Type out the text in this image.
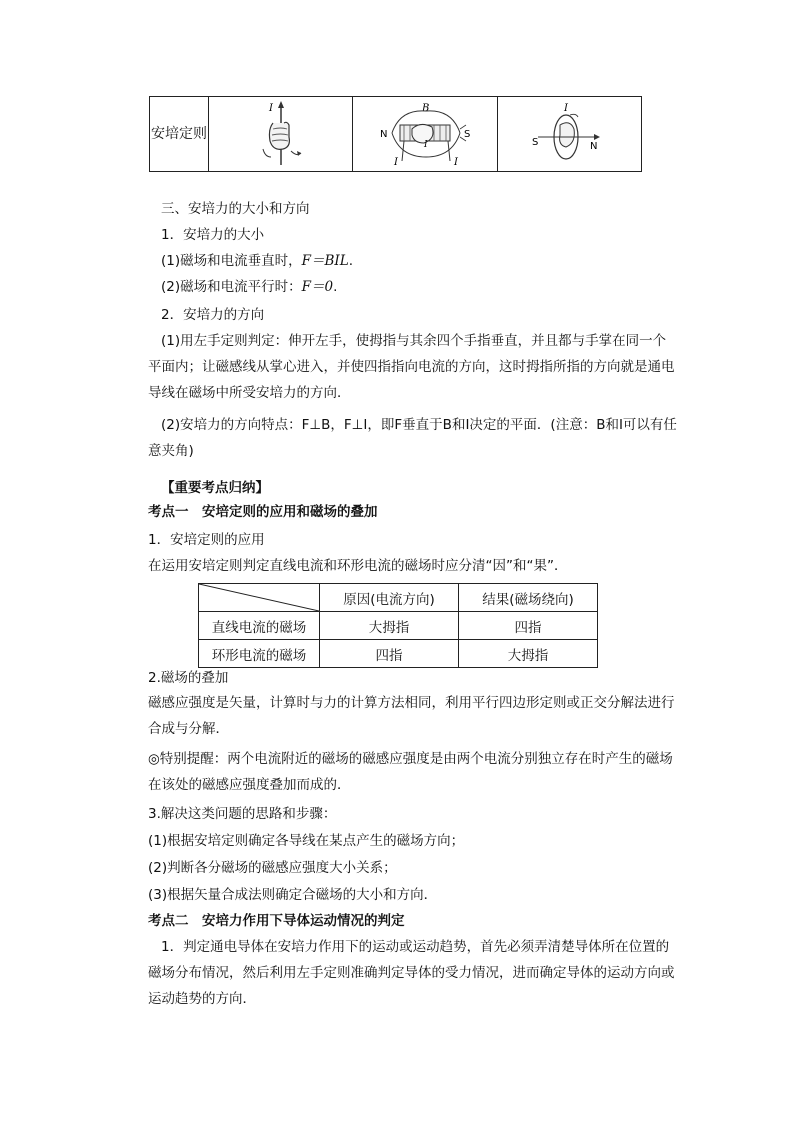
安培定则	
I	B
N	S
I
I	I

I
S	N
三、安培力的大小和方向
1．安培力的大小
(1)磁场和电流垂直时，F＝BIL.
(2)磁场和电流平行时：F＝0.
2．安培力的方向
(1)用左手定则判定：伸开左手，使拇指与其余四个手指垂直，并且都与手掌在同一个平面内；让磁感线从掌心进入，并使四指指向电流的方向，这时拇指所指的方向就是通电导线在磁场中所受安培力的方向．
(2)安培力的方向特点：F⊥B，F⊥I，即F垂直于B和I决定的平面．(注意：B和I可以有任意夹角)
【重要考点归纳】
考点一　安培定则的应用和磁场的叠加
1．安培定则的应用
在运用安培定则判定直线电流和环形电流的磁场时应分清“因”和“果”．
	原因(电流方向)	结果(磁场绕向)
直线电流的磁场	大拇指	四指
环形电流的磁场	四指	大拇指
2.磁场的叠加
磁感应强度是矢量，计算时与力的计算方法相同，利用平行四边形定则或正交分解法进行合成与分解．
◎特别提醒：两个电流附近的磁场的磁感应强度是由两个电流分别独立存在时产生的磁场在该处的磁感应强度叠加而成的．
3.解决这类问题的思路和步骤：
(1)根据安培定则确定各导线在某点产生的磁场方向；
(2)判断各分磁场的磁感应强度大小关系；
(3)根据矢量合成法则确定合磁场的大小和方向．
考点二　安培力作用下导体运动情况的判定
1．判定通电导体在安培力作用下的运动或运动趋势，首先必须弄清楚导体所在位置的磁场分布情况，然后利用左手定则准确判定导体的受力情况，进而确定导体的运动方向或运动趋势的方向．
